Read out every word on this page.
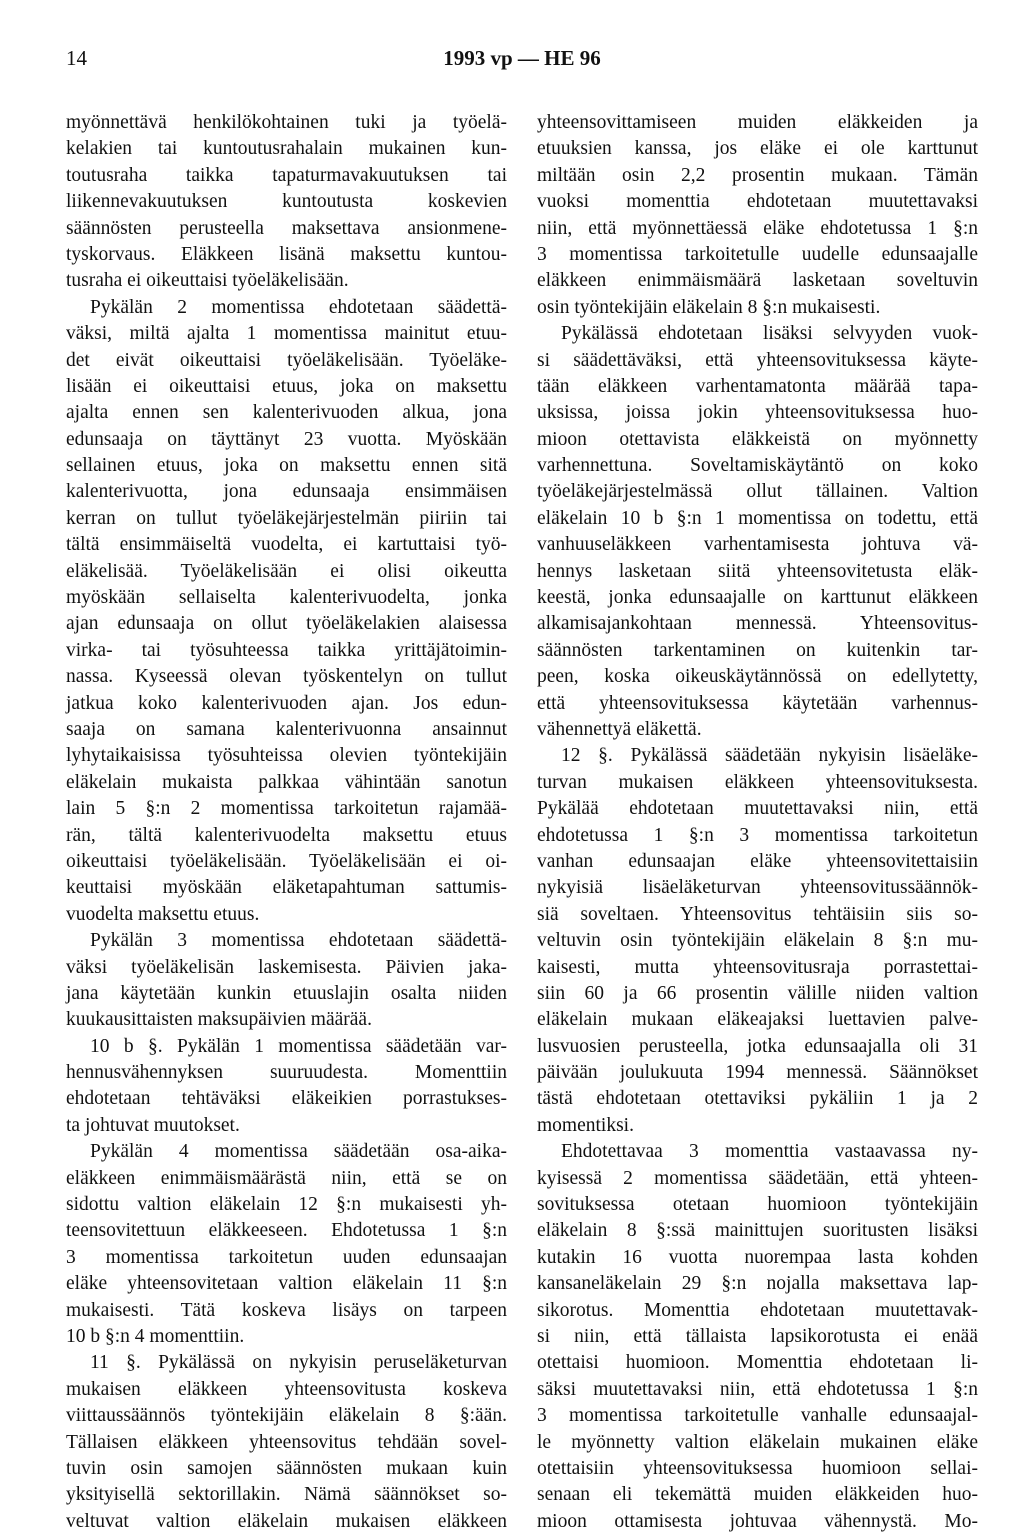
14	1993 vp — HE 96
myönnettävä henkilökohtainen tuki ja työelä-
kelakien tai kuntoutusrahalain mukainen kun-
toutusraha taikka tapaturmavakuutuksen tai
liikennevakuutuksen kuntoutusta koskevien
säännösten perusteella maksettava ansionmene-
tyskorvaus. Eläkkeen lisänä maksettu kuntou-
tusraha ei oikeuttaisi työeläkelisään.
Pykälän 2 momentissa ehdotetaan säädettä-
väksi, miltä ajalta 1 momentissa mainitut etuu-
det eivät oikeuttaisi työeläkelisään. Työeläke-
lisään ei oikeuttaisi etuus, joka on maksettu
ajalta ennen sen kalenterivuoden alkua, jona
edunsaaja on täyttänyt 23 vuotta. Myöskään
sellainen etuus, joka on maksettu ennen sitä
kalenterivuotta, jona edunsaaja ensimmäisen
kerran on tullut työeläkejärjestelmän piiriin tai
tältä ensimmäiseltä vuodelta, ei kartuttaisi työ-
eläkelisää. Työeläkelisään ei olisi oikeutta
myöskään sellaiselta kalenterivuodelta, jonka
ajan edunsaaja on ollut työeläkelakien alaisessa
virka- tai työsuhteessa taikka yrittäjätoimin-
nassa. Kyseessä olevan työskentelyn on tullut
jatkua koko kalenterivuoden ajan. Jos edun-
saaja on samana kalenterivuonna ansainnut
lyhytaikaisissa työsuhteissa olevien työntekijäin
eläkelain mukaista palkkaa vähintään sanotun
lain 5 §:n 2 momentissa tarkoitetun rajamää-
rän, tältä kalenterivuodelta maksettu etuus
oikeuttaisi työeläkelisään. Työeläkelisään ei oi-
keuttaisi myöskään eläketapahtuman sattumis-
vuodelta maksettu etuus.
Pykälän 3 momentissa ehdotetaan säädettä-
väksi työeläkelisän laskemisesta. Päivien jaka-
jana käytetään kunkin etuuslajin osalta niiden
kuukausittaisten maksupäivien määrää.
10 b §. Pykälän 1 momentissa säädetään var-
hennusvähennyksen suuruudesta. Momenttiin
ehdotetaan tehtäväksi eläkeikien porrastukses-
ta johtuvat muutokset.
Pykälän 4 momentissa säädetään osa-aika-
eläkkeen enimmäismäärästä niin, että se on
sidottu valtion eläkelain 12 §:n mukaisesti yh-
teensovitettuun eläkkeeseen. Ehdotetussa 1 §:n
3 momentissa tarkoitetun uuden edunsaajan
eläke yhteensovitetaan valtion eläkelain 11 §:n
mukaisesti. Tätä koskeva lisäys on tarpeen
10 b §:n 4 momenttiin.
11 §. Pykälässä on nykyisin peruseläketurvan
mukaisen eläkkeen yhteensovitusta koskeva
viittaussäännös työntekijäin eläkelain 8 §:ään.
Tällaisen eläkkeen yhteensovitus tehdään sovel-
tuvin osin samojen säännösten mukaan kuin
yksityisellä sektorillakin. Nämä säännökset so-
veltuvat valtion eläkelain mukaisen eläkkeen
yhteensovittamiseen muiden eläkkeiden ja
etuuksien kanssa, jos eläke ei ole karttunut
miltään osin 2,2 prosentin mukaan. Tämän
vuoksi momenttia ehdotetaan muutettavaksi
niin, että myönnettäessä eläke ehdotetussa 1 §:n
3 momentissa tarkoitetulle uudelle edunsaajalle
eläkkeen enimmäismäärä lasketaan soveltuvin
osin työntekijäin eläkelain 8 §:n mukaisesti.
Pykälässä ehdotetaan lisäksi selvyyden vuok-
si säädettäväksi, että yhteensovituksessa käyte-
tään eläkkeen varhentamatonta määrää tapa-
uksissa, joissa jokin yhteensovituksessa huo-
mioon otettavista eläkkeistä on myönnetty
varhennettuna. Soveltamiskäytäntö on koko
työeläkejärjestelmässä ollut tällainen. Valtion
eläkelain 10 b §:n 1 momentissa on todettu, että
vanhuuseläkkeen varhentamisesta johtuva vä-
hennys lasketaan siitä yhteensovitetusta eläk-
keestä, jonka edunsaajalle on karttunut eläkkeen
alkamisajankohtaan mennessä. Yhteensovitus-
säännösten tarkentaminen on kuitenkin tar-
peen, koska oikeuskäytännössä on edellytetty,
että yhteensovituksessa käytetään varhennus-
vähennettyä eläkettä.
12 §. Pykälässä säädetään nykyisin lisäeläke-
turvan mukaisen eläkkeen yhteensovituksesta.
Pykälää ehdotetaan muutettavaksi niin, että
ehdotetussa 1 §:n 3 momentissa tarkoitetun
vanhan edunsaajan eläke yhteensovitettaisiin
nykyisiä lisäeläketurvan yhteensovitussäännök-
siä soveltaen. Yhteensovitus tehtäisiin siis so-
veltuvin osin työntekijäin eläkelain 8 §:n mu-
kaisesti, mutta yhteensovitusraja porrastettai-
siin 60 ja 66 prosentin välille niiden valtion
eläkelain mukaan eläkeajaksi luettavien palve-
lusvuosien perusteella, jotka edunsaajalla oli 31
päivään joulukuuta 1994 mennessä. Säännökset
tästä ehdotetaan otettaviksi pykäliin 1 ja 2
momentiksi.
Ehdotettavaa 3 momenttia vastaavassa ny-
kyisessä 2 momentissa säädetään, että yhteen-
sovituksessa otetaan huomioon työntekijäin
eläkelain 8 §:ssä mainittujen suoritusten lisäksi
kutakin 16 vuotta nuorempaa lasta kohden
kansaneläkelain 29 §:n nojalla maksettava lap-
sikorotus. Momenttia ehdotetaan muutettavak-
si niin, että tällaista lapsikorotusta ei enää
otettaisi huomioon. Momenttia ehdotetaan li-
säksi muutettavaksi niin, että ehdotetussa 1 §:n
3 momentissa tarkoitetulle vanhalle edunsaajal-
le myönnetty valtion eläkelain mukainen eläke
otettaisiin yhteensovituksessa huomioon sellai-
senaan eli tekemättä muiden eläkkeiden huo-
mioon ottamisesta johtuvaa vähennystä. Mo-
